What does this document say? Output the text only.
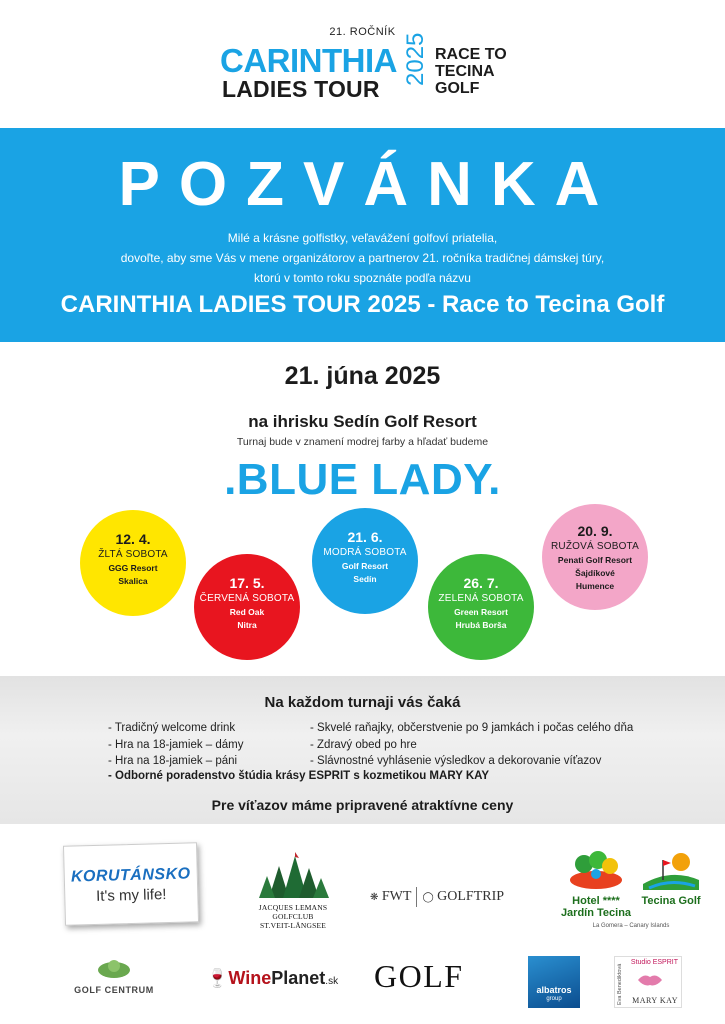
21. ROČNÍK
CARINTHIA
LADIES TOUR
2025 RACE TO
TECINA
GOLF
POZVÁNKA
Milé a krásne golfistky, veľavážení golfoví priatelia,
dovoľte, aby sme Vás v mene organizátorov a partnerov 21. ročníka tradičnej dámskej túry,
ktorú v tomto roku spoznáte podľa názvu
CARINTHIA LADIES TOUR 2025 - Race to Tecina Golf
21. júna 2025
na ihrisku Sedín Golf Resort
Turnaj bude v znamení modrej farby a hľadať budeme
.BLUE LADY.
12. 4.
ŽLTÁ SOBOTA
GGG Resort
Skalica	17. 5.
ČERVENÁ SOBOTA
Red Oak
Nitra
21. 6.
MODRÁ SOBOTA
Golf Resort
Sedín	26. 7.
ZELENÁ SOBOTA
Green Resort
Hrubá Borša
20. 9.
RUŽOVÁ SOBOTA
Penati Golf Resort
Šajdíkové
Humence
Na každom turnaji vás čaká
- Tradičný welcome drink
- Hra na 18-jamiek – dámy
- Hra na 18-jamiek – páni
- Skvelé raňajky, občerstvenie po 9 jamkách i počas celého dňa
- Zdravý obed po hre
- Slávnostné vyhlásenie výsledkov a dekorovanie víťazov
- Odborné poradenstvo štúdia krásy ESPRIT s kozmetikou MARY KAY
Pre víťazov máme pripravené atraktívne ceny
KORUTÁNSKO
It's my life!
JACQUES LEMANS
GOLFCLUB
ST.VEIT-LÄNGSEE
❋ FWT ◯ GOLFTRIP	Hotel ****
Jardín Tecina
Tecina Golf
La Gomera – Canary Islands
GOLF CENTRUM
🍷WinePlanet.sk GOLF	albatros
group
Studio ESPRIT
Eva Benediktová MARY KAY
